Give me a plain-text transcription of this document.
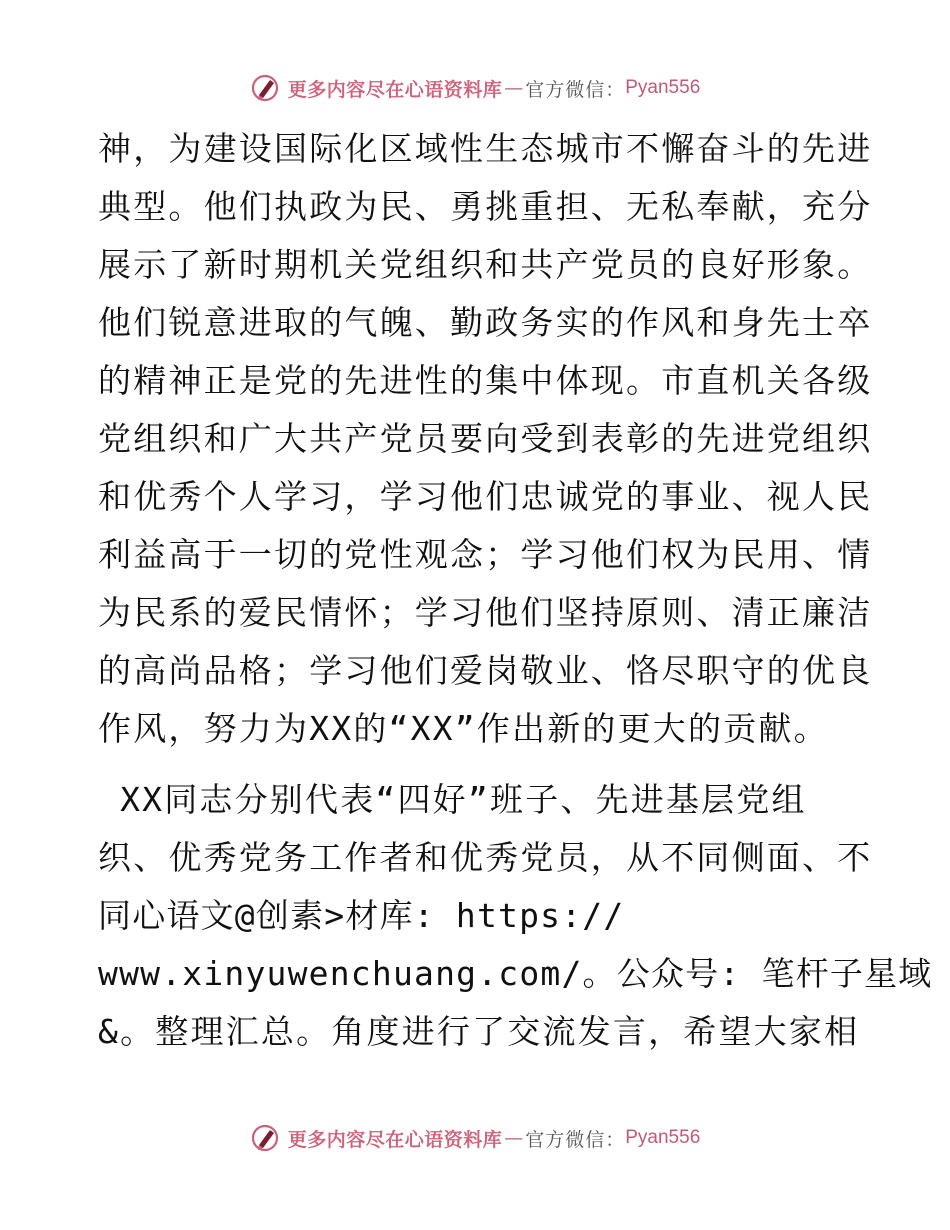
更多内容尽在心语资料库 — 官方微信： Pyan556
神，为建设国际化区域性生态城市不懈奋斗的先进
典型。他们执政为民、勇挑重担、无私奉献，充分
展示了新时期机关党组织和共产党员的良好形象。
他们锐意进取的气魄、勤政务实的作风和身先士卒
的精神正是党的先进性的集中体现。市直机关各级
党组织和广大共产党员要向受到表彰的先进党组织
和优秀个人学习，学习他们忠诚党的事业、视人民
利益高于一切的党性观念；学习他们权为民用、情
为民系的爱民情怀；学习他们坚持原则、清正廉洁
的高尚品格；学习他们爱岗敬业、恪尽职守的优良
作风，努力为XX的“XX”作出新的更大的贡献。
XX同志分别代表“四好”班子、先进基层党组
织、优秀党务工作者和优秀党员，从不同侧面、不
同心语文@创素>材库: https://
www.xinyuwenchuang.com/。公众号: 笔杆子星域
&。整理汇总。角度进行了交流发言，希望大家相
更多内容尽在心语资料库 — 官方微信： Pyan556
